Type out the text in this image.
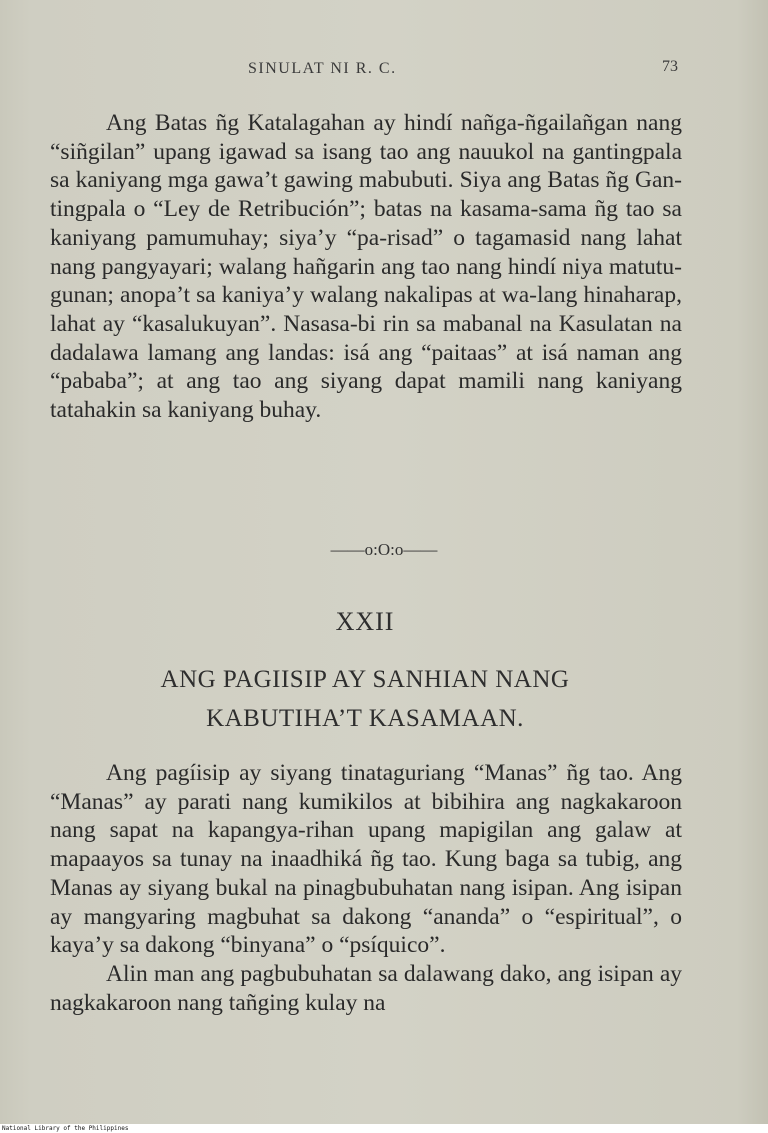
SINULAT NI R. C.	73

Ang Batas ñg Katalagahan ay hindí nañga-ñgailañgan nang “siñgilan” upang igawad sa isang tao ang nauukol na gantingpala sa kaniyang mga gawa’t gawing mabubuti. Siya ang Batas ñg Gan-tingpala o “Ley de Retribución”; batas na kasama-sama ñg tao sa kaniyang pamumuhay; siya’y “pa-risad” o tagamasid nang lahat nang pangyayari; walang hañgarin ang tao nang hindí niya matutu-gunan; anopa’t sa kaniya’y walang nakalipas at wa-lang hinaharap, lahat ay “kasalukuyan”. Nasasa-bi rin sa mabanal na Kasulatan na dadalawa lamang ang landas: isá ang “paitaas” at isá naman ang “pababa”; at ang tao ang siyang dapat mamili nang kaniyang tatahakin sa kaniyang buhay.

——o:O:o——
XXII
ANG PAGIISIP AY SANHIAN NANG
KABUTIHA’T KASAMAAN.

Ang pagíisip ay siyang tinataguriang “Manas” ñg tao. Ang “Manas” ay parati nang kumikilos at bibihira ang nagkakaroon nang sapat na kapangya-rihan upang mapigilan ang galaw at mapaayos sa tunay na inaadhiká ñg tao. Kung baga sa tubig, ang Manas ay siyang bukal na pinagbubuhatan nang isipan. Ang isipan ay mangyaring magbuhat sa dakong “ananda” o “espiritual”, o kaya’y sa dakong “binyana” o “psíquico”.

Alin man ang pagbubuhatan sa dalawang dako, ang isipan ay nagkakaroon nang tañging kulay na

National Library of the Philippines
